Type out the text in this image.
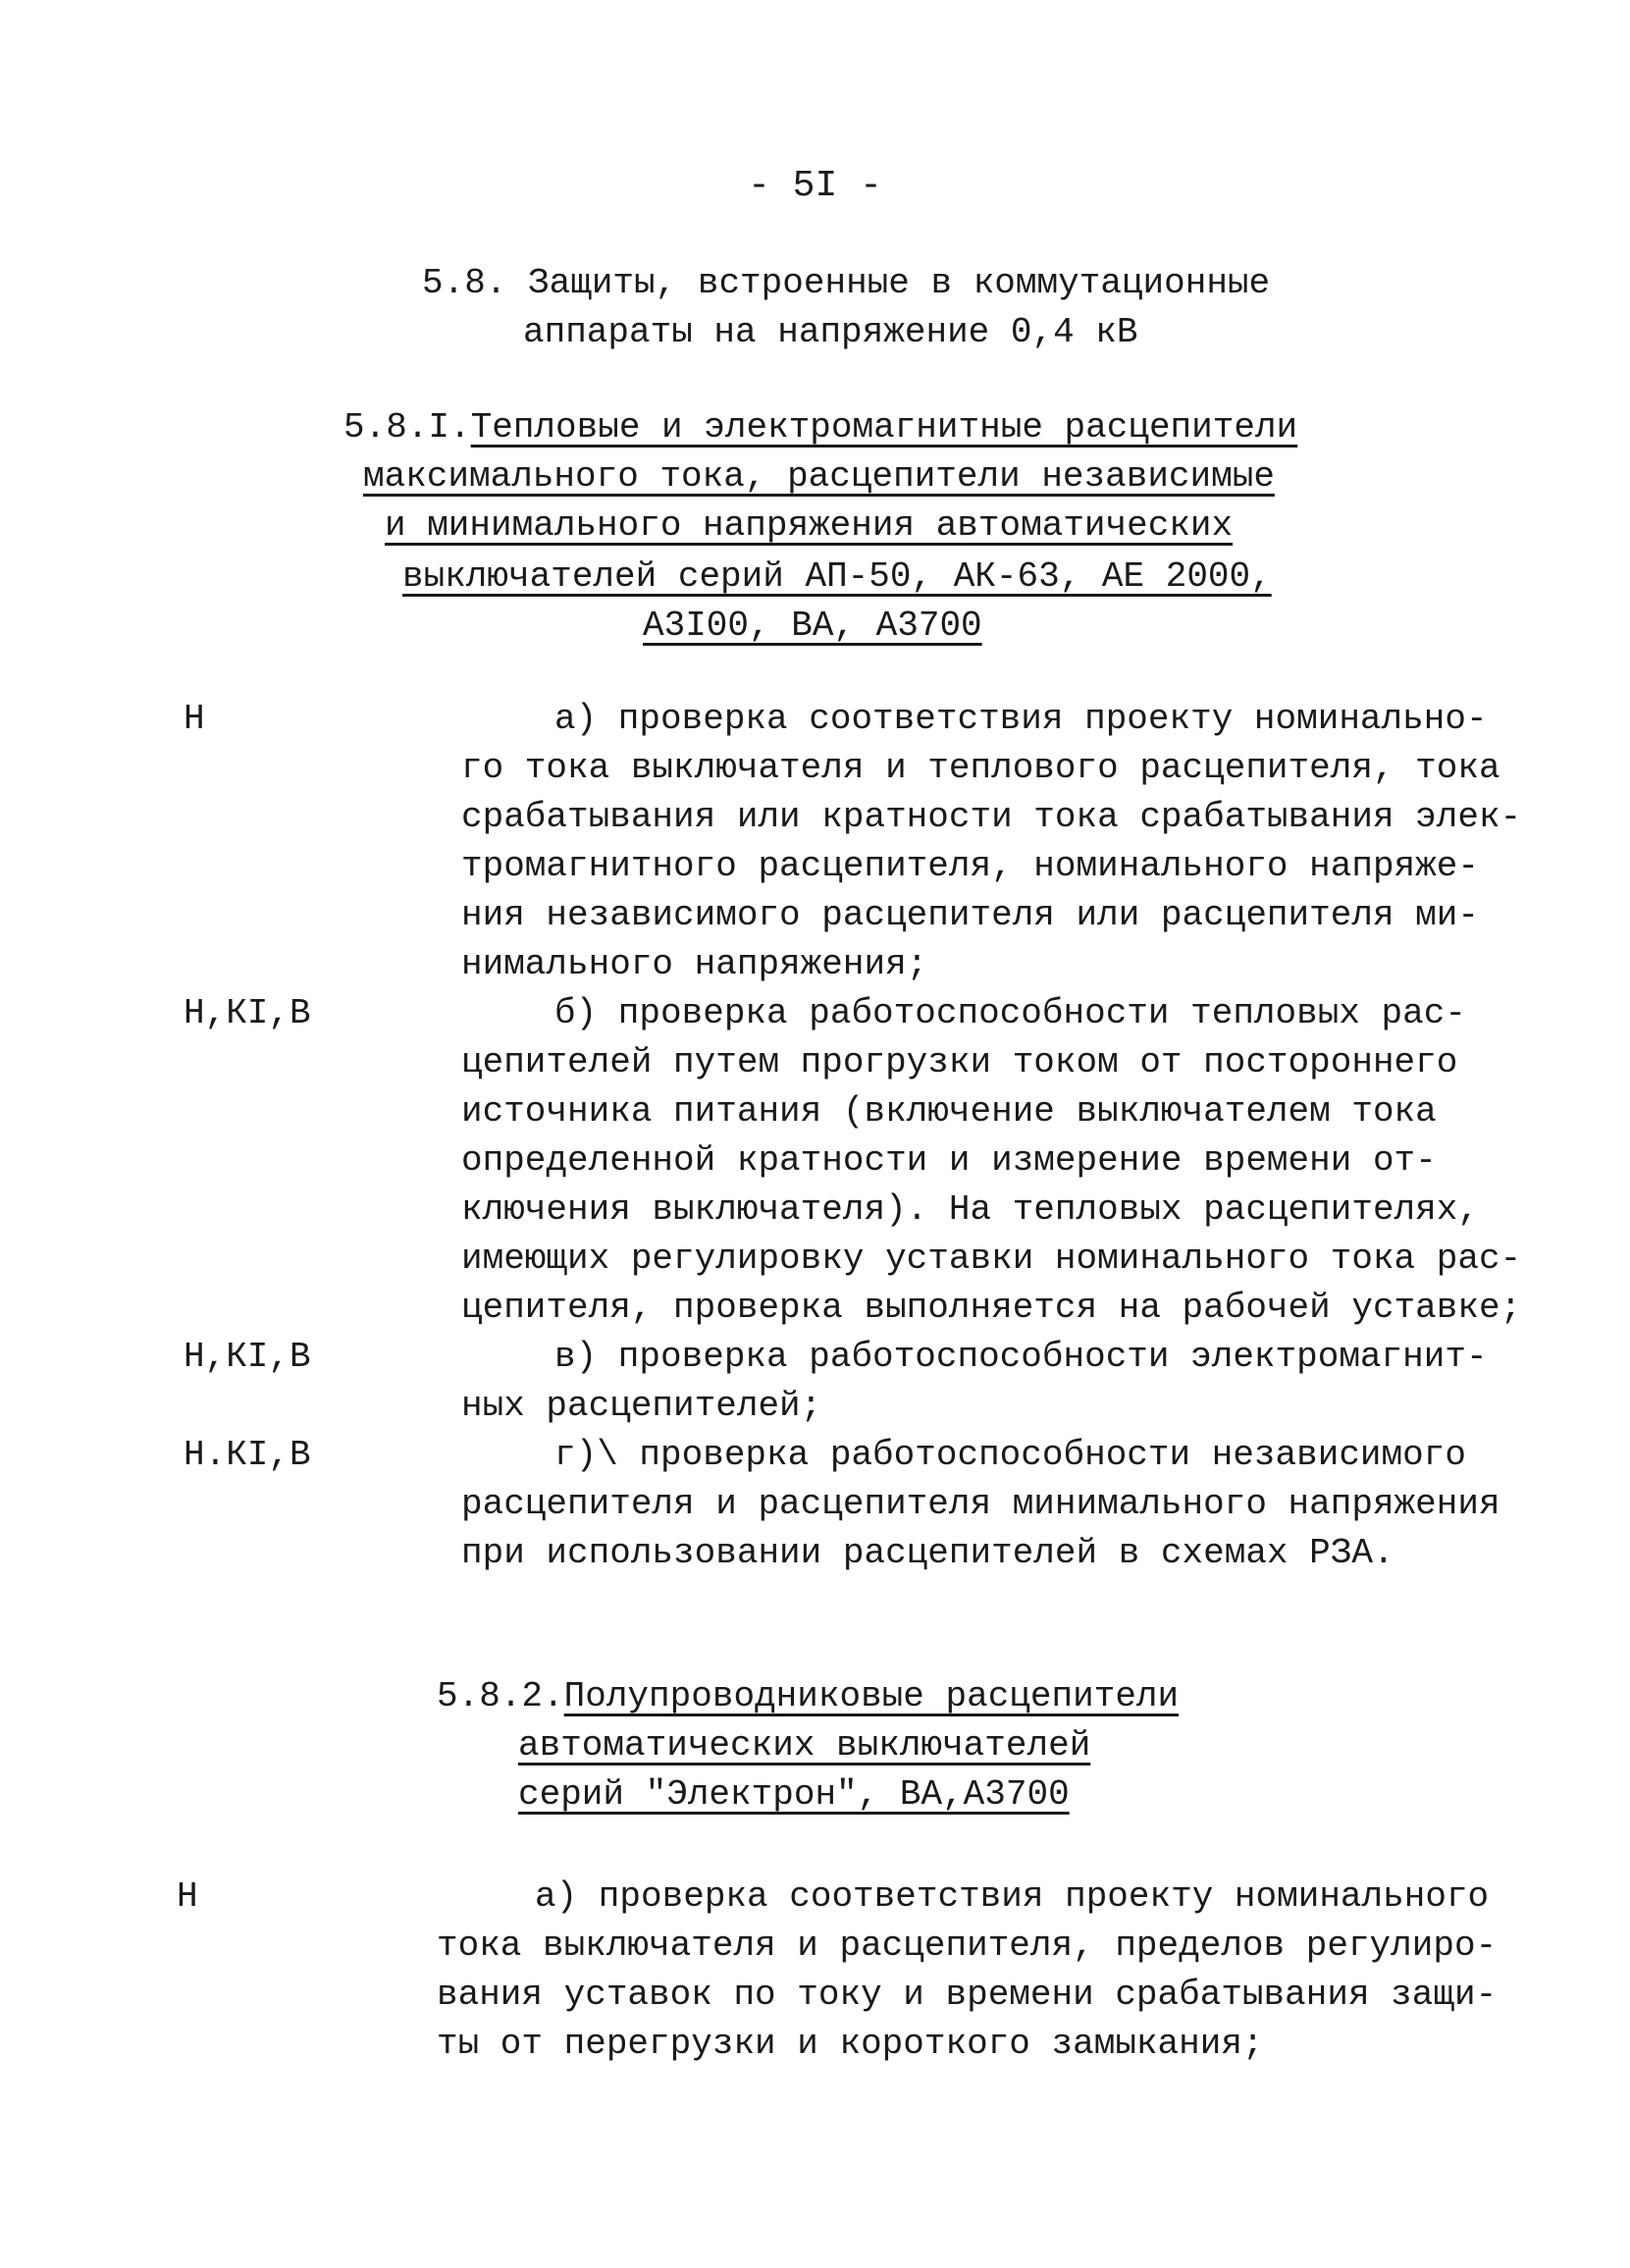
- 5I -
5.8. Защиты, встроенные в коммутационные
аппараты на напряжение 0,4 кВ
5.8.I.Тепловые и электромагнитные расцепители
максимального тока, расцепители независимые
и минимального напряжения автоматических
выключателей серий АП-50, АК-63, АЕ 2000,
А3I00, ВА, А3700
Н	а) проверка соответствия проекту номинально-
го тока выключателя и теплового расцепителя, тока
срабатывания или кратности тока срабатывания элек-
тромагнитного расцепителя, номинального напряже-
ния независимого расцепителя или расцепителя ми-
нимального напряжения;
Н,КI,В	б) проверка работоспособности тепловых рас-
цепителей путем прогрузки током от постороннего
источника питания (включение выключателем тока
определенной кратности и измерение времени от-
ключения выключателя). На тепловых расцепителях,
имеющих регулировку уставки номинального тока рас-
цепителя, проверка выполняется на рабочей уставке;
Н,КI,В	в) проверка работоспособности электромагнит-
ных расцепителей;
Н.КI,В	г)\ проверка работоспособности независимого
расцепителя и расцепителя минимального напряжения
при использовании расцепителей в схемах РЗА.
5.8.2.Полупроводниковые расцепители
автоматических выключателей
серий "Электрон", ВА,А3700
Н	а) проверка соответствия проекту номинального
тока выключателя и расцепителя, пределов регулиро-
вания уставок по току и времени срабатывания защи-
ты от перегрузки и короткого замыкания;
